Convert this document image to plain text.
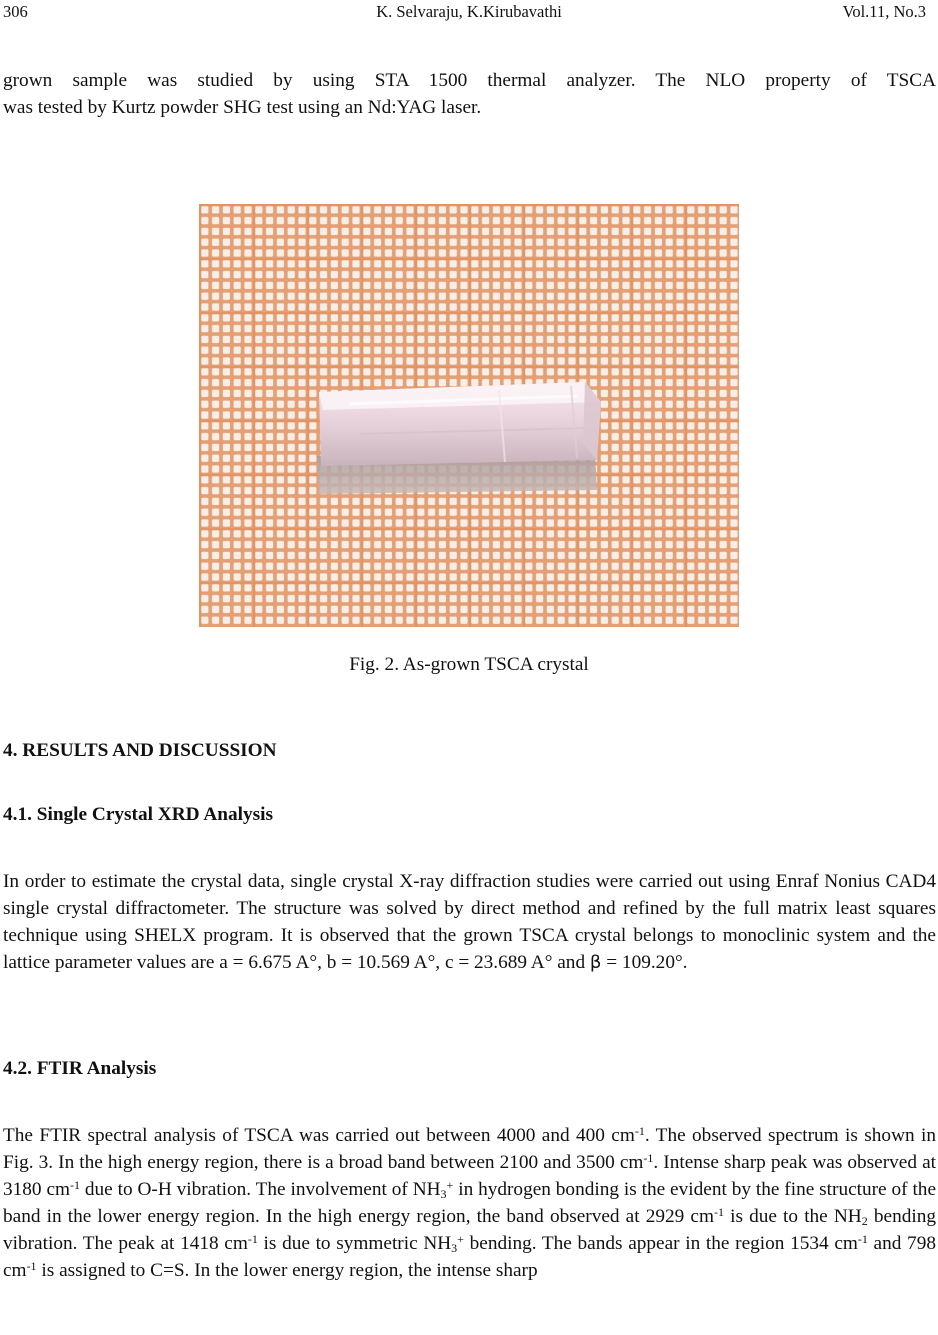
306	K. Selvaraju, K.Kirubavathi	Vol.11, No.3

grown sample was studied by using STA 1500 thermal analyzer. The NLO property of TSCA

was tested by Kurtz powder SHG test using an Nd:YAG laser.

Fig. 2. As-grown TSCA crystal
4. RESULTS AND DISCUSSION
4.1. Single Crystal XRD Analysis

In order to estimate the crystal data, single crystal X-ray diffraction studies were carried out using Enraf Nonius CAD4 single crystal diffractometer. The structure was solved by direct method and refined by the full matrix least squares technique using SHELX program. It is observed that the grown TSCA crystal belongs to monoclinic system and the lattice parameter values are a = 6.675 A°, b = 10.569 A°, c = 23.689 A° and β = 109.20°.

4.2. FTIR Analysis

The FTIR spectral analysis of TSCA was carried out between 4000 and 400 $cm^{-1}$. The observed spectrum is shown in Fig. 3. In the high energy region, there is a broad band between 2100 and 3500 $cm^{-1}$. Intense sharp peak was observed at 3180 $cm^{-1}$ due to O-H vibration. The involvement of $NH_3^+$ in hydrogen bonding is the evident by the fine structure of the band in the lower energy region. In the high energy region, the band observed at 2929 $cm^{-1}$ is due to the $NH_2$ bending vibration. The peak at 1418 $cm^{-1}$ is due to symmetric $NH_3^+$ bending. The bands appear in the region 1534 $cm^{-1}$ and 798 $cm^{-1}$ is assigned to C=S. In the lower energy region, the intense sharp
